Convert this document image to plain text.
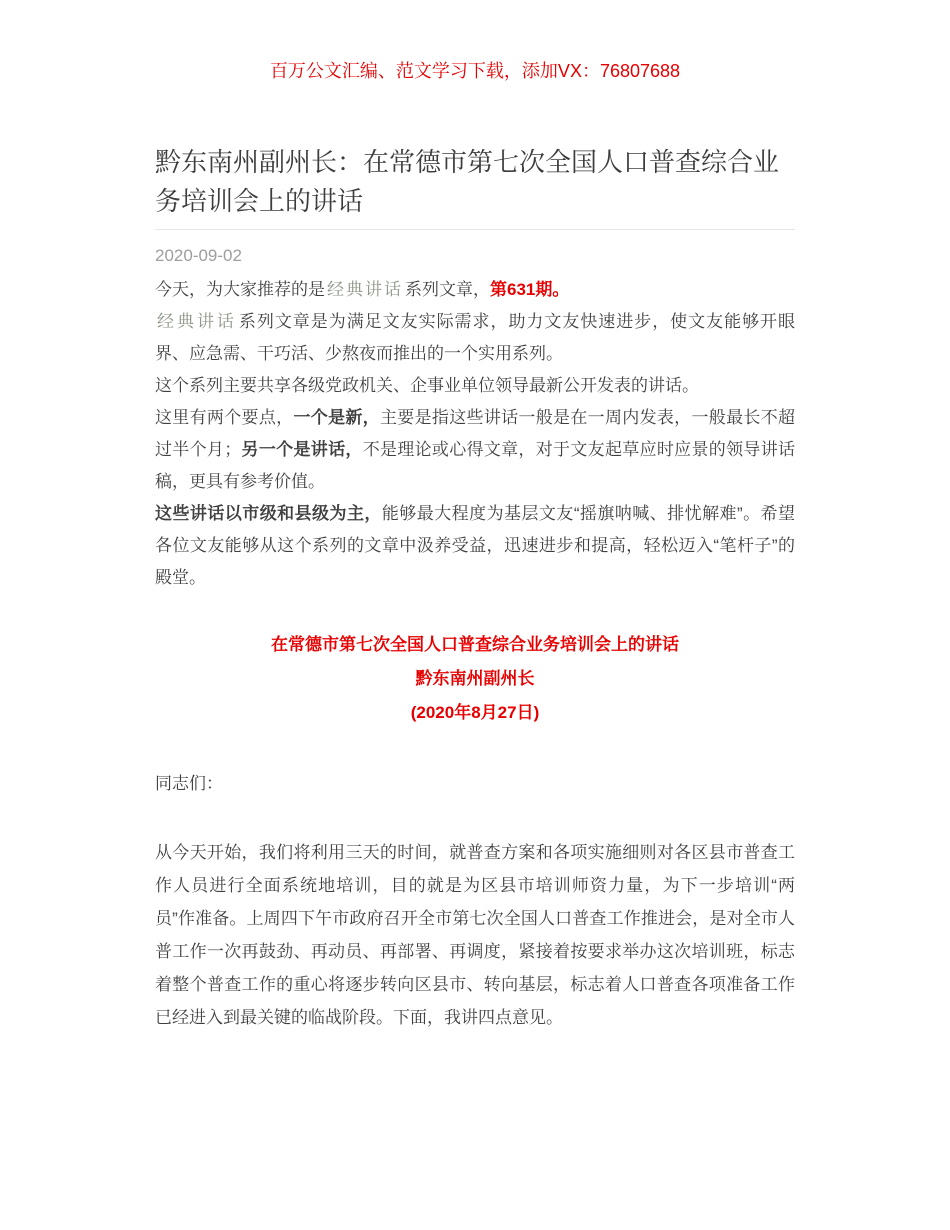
百万公文汇编、范文学习下载，添加VX：76807688
黔东南州副州长：在常德市第七次全国人口普查综合业务培训会上的讲话
2020-09-02

今天，为大家推荐的是 经典讲话 系列文章，第631期。

经典讲话 系列文章是为满足文友实际需求，助力文友快速进步，使文友能够开眼界、应急需、干巧活、少熬夜而推出的一个实用系列。

这个系列主要共享各级党政机关、企事业单位领导最新公开发表的讲话。

这里有两个要点，一个是新，主要是指这些讲话一般是在一周内发表，一般最长不超过半个月；另一个是讲话，不是理论或心得文章，对于文友起草应时应景的领导讲话稿，更具有参考价值。

这些讲话以市级和县级为主，能够最大程度为基层文友“摇旗呐喊、排忧解难”。希望各位文友能够从这个系列的文章中汲养受益，迅速进步和提高，轻松迈入“笔杆子”的殿堂。

在常德市第七次全国人口普查综合业务培训会上的讲话

黔东南州副州长

(2020年8月27日)

同志们：

从今天开始，我们将利用三天的时间，就普查方案和各项实施细则对各区县市普查工作人员进行全面系统地培训，目的就是为区县市培训师资力量，为下一步培训“两员”作准备。上周四下午市政府召开全市第七次全国人口普查工作推进会，是对全市人普工作一次再鼓劲、再动员、再部署、再调度，紧接着按要求举办这次培训班，标志着整个普查工作的重心将逐步转向区县市、转向基层，标志着人口普查各项准备工作已经进入到最关键的临战阶段。下面，我讲四点意见。
